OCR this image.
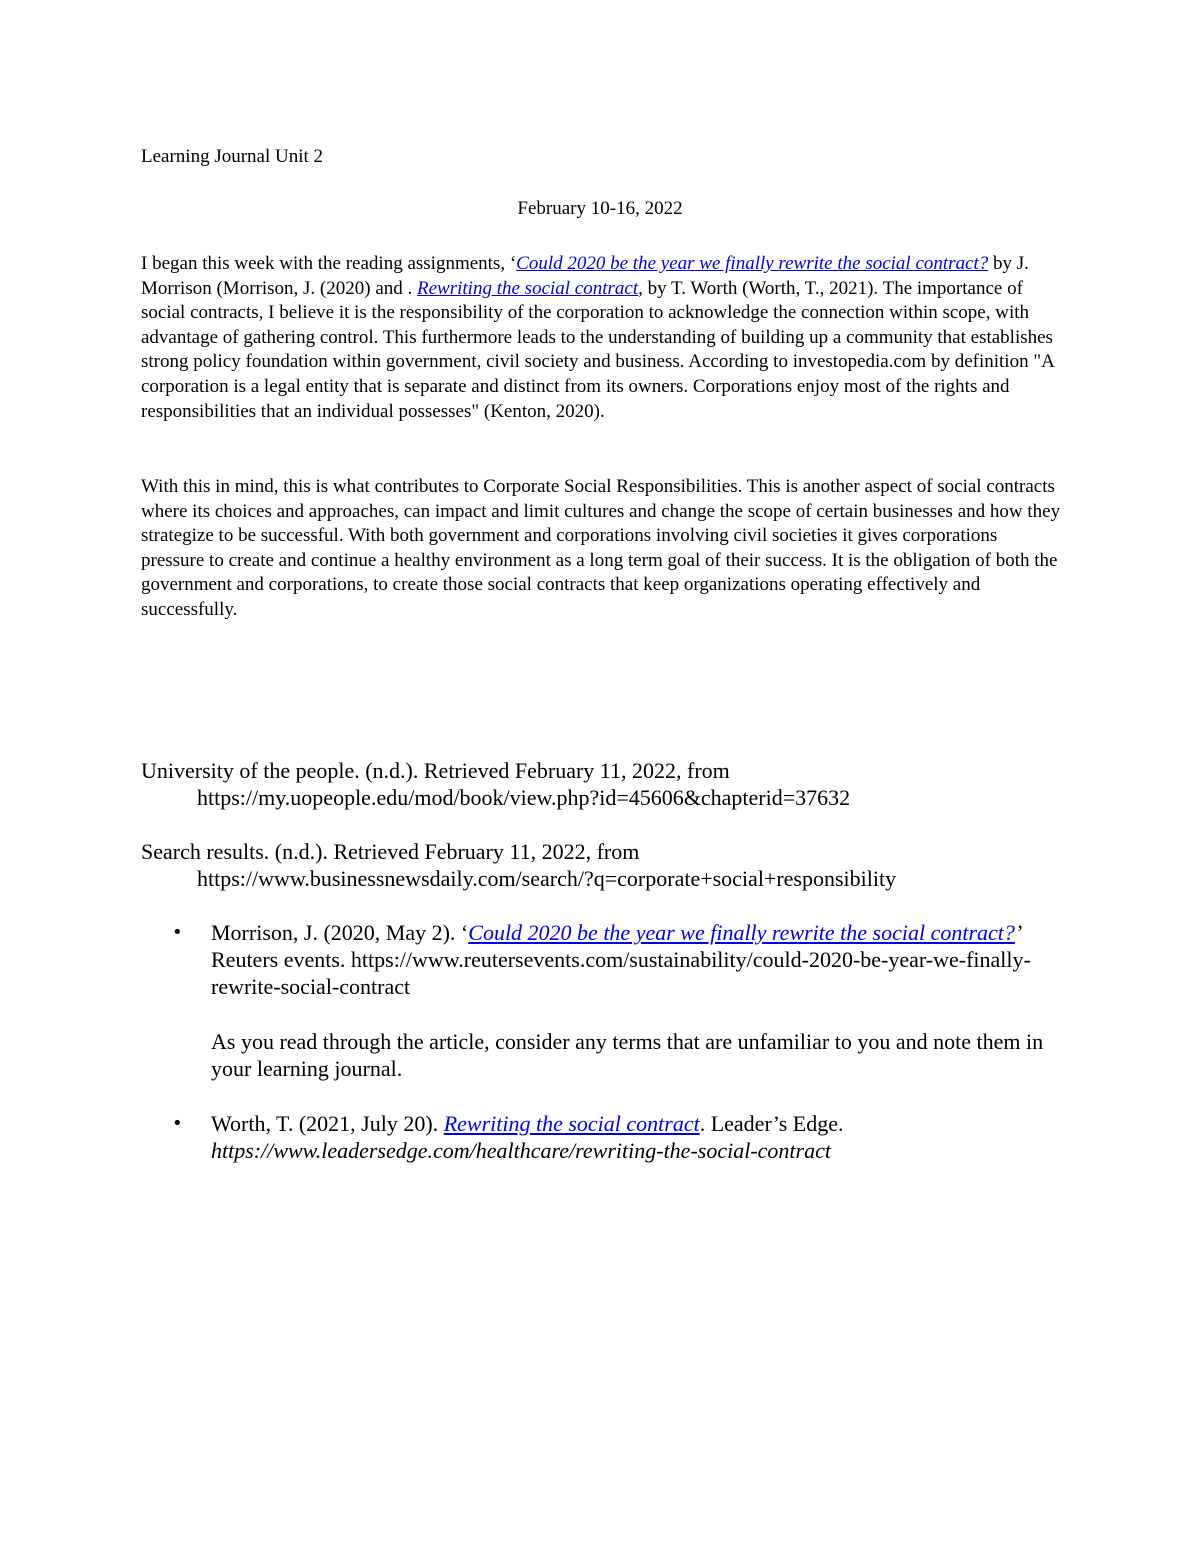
Learning Journal Unit 2
February 10-16, 2022

I began this week with the reading assignments, ‘Could 2020 be the year we finally rewrite the social contract? by J. Morrison (Morrison, J. (2020) and . Rewriting the social contract, by T. Worth (Worth, T., 2021). The importance of social contracts, I believe it is the responsibility of the corporation to acknowledge the connection within scope, with advantage of gathering control. This furthermore leads to the understanding of building up a community that establishes strong policy foundation within government, civil society and business. According to investopedia.com by definition "A corporation is a legal entity that is separate and distinct from its owners. Corporations enjoy most of the rights and responsibilities that an individual possesses" (Kenton, 2020).

With this in mind, this is what contributes to Corporate Social Responsibilities. This is another aspect of social contracts where its choices and approaches, can impact and limit cultures and change the scope of certain businesses and how they strategize to be successful. With both government and corporations involving civil societies it gives corporations pressure to create and continue a healthy environment as a long term goal of their success. It is the obligation of both the government and corporations, to create those social contracts that keep organizations operating effectively and successfully.

University of the people. (n.d.). Retrieved February 11, 2022, from
https://my.uopeople.edu/mod/book/view.php?id=45606&chapterid=37632

Search results. (n.d.). Retrieved February 11, 2022, from
https://www.businessnewsdaily.com/search/?q=corporate+social+responsibility

• Morrison, J. (2020, May 2). ‘Could 2020 be the year we finally rewrite the social contract?’ Reuters events. https://www.reutersevents.com/sustainability/could-2020-be-year-we-finally-rewrite-social-contract

As you read through the article, consider any terms that are unfamiliar to you and note them in your learning journal.

• Worth, T. (2021, July 20). Rewriting the social contract. Leader’s Edge. https://www.leadersedge.com/healthcare/rewriting-the-social-contract
